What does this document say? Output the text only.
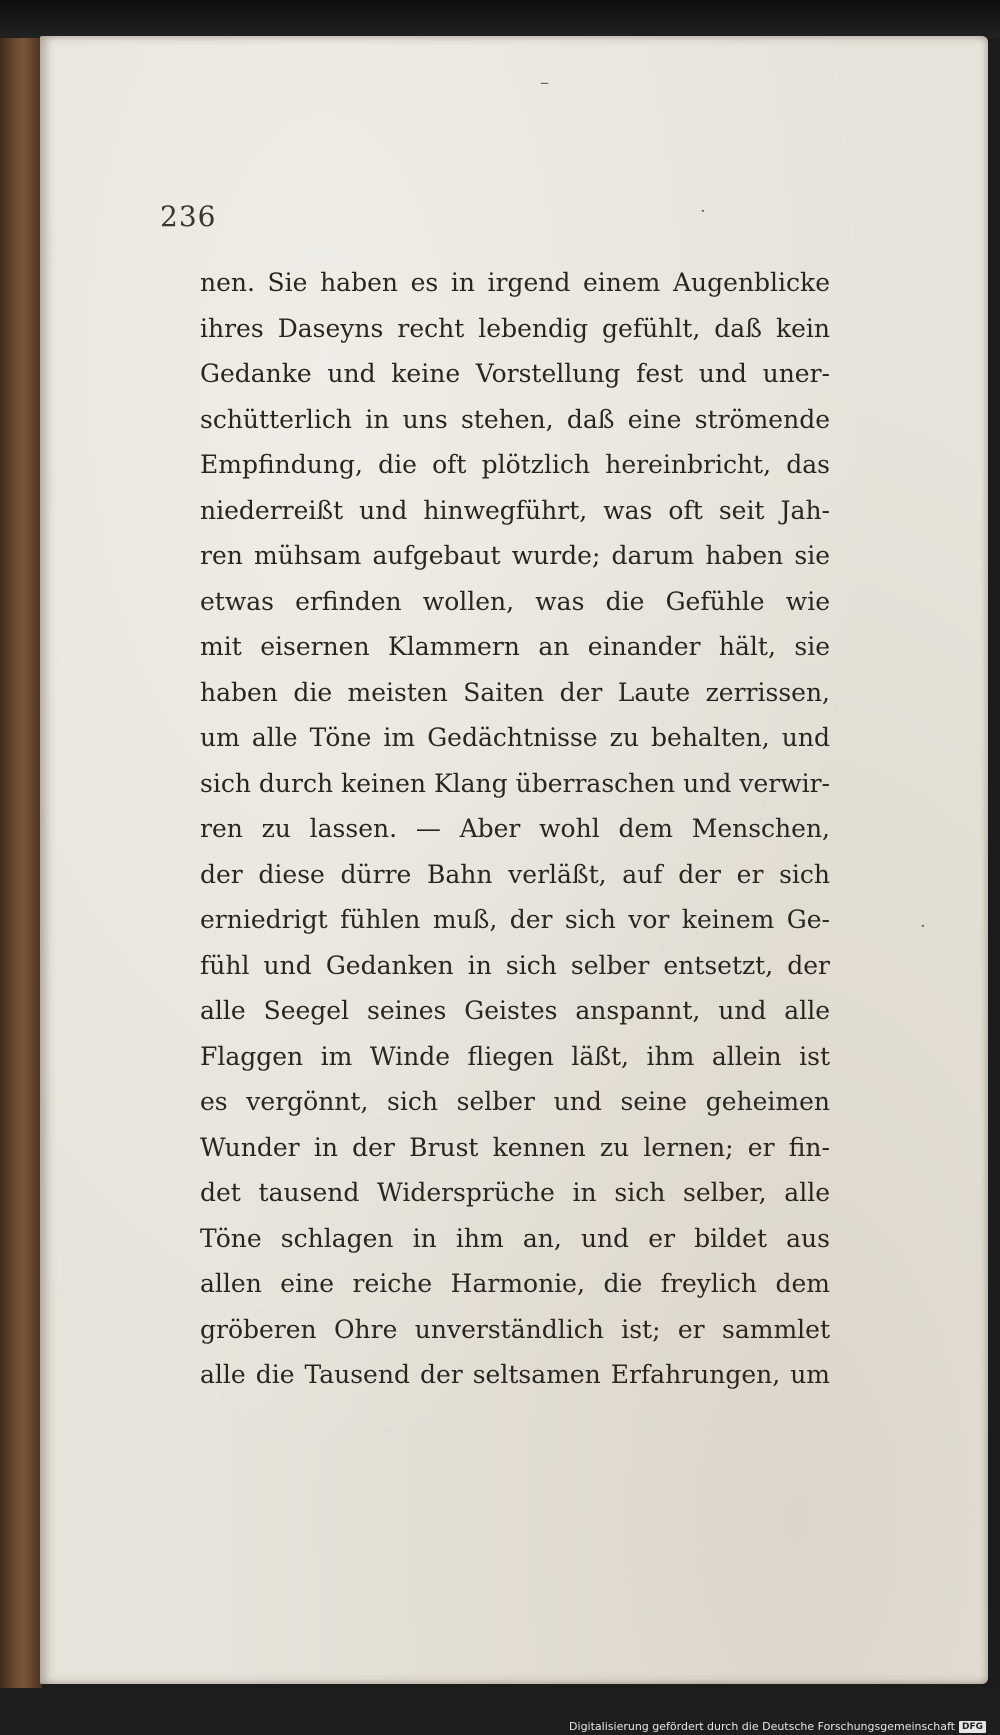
–
·
·
236
nen. Sie haben es in irgend einem Augenblicke
ihres Daseyns recht lebendig gefühlt, daß kein
Gedanke und keine Vorstellung fest und uner-
schütterlich in uns stehen, daß eine strömende
Empfindung, die oft plötzlich hereinbricht, das
niederreißt und hinwegführt, was oft seit Jah-
ren mühsam aufgebaut wurde; darum haben sie
etwas erfinden wollen, was die Gefühle wie
mit eisernen Klammern an einander hält, sie
haben die meisten Saiten der Laute zerrissen,
um alle Töne im Gedächtnisse zu behalten, und
sich durch keinen Klang überraschen und verwir-
ren zu lassen. — Aber wohl dem Menschen,
der diese dürre Bahn verläßt, auf der er sich
erniedrigt fühlen muß, der sich vor keinem Ge-
fühl und Gedanken in sich selber entsetzt, der
alle Seegel seines Geistes anspannt, und alle
Flaggen im Winde fliegen läßt, ihm allein ist
es vergönnt, sich selber und seine geheimen
Wunder in der Brust kennen zu lernen; er fin-
det tausend Widersprüche in sich selber, alle
Töne schlagen in ihm an, und er bildet aus
allen eine reiche Harmonie, die freylich dem
gröberen Ohre unverständlich ist; er sammlet
alle die Tausend der seltsamen Erfahrungen, um
Digitalisierung gefördert durch die Deutsche Forschungsgemeinschaft DFG
